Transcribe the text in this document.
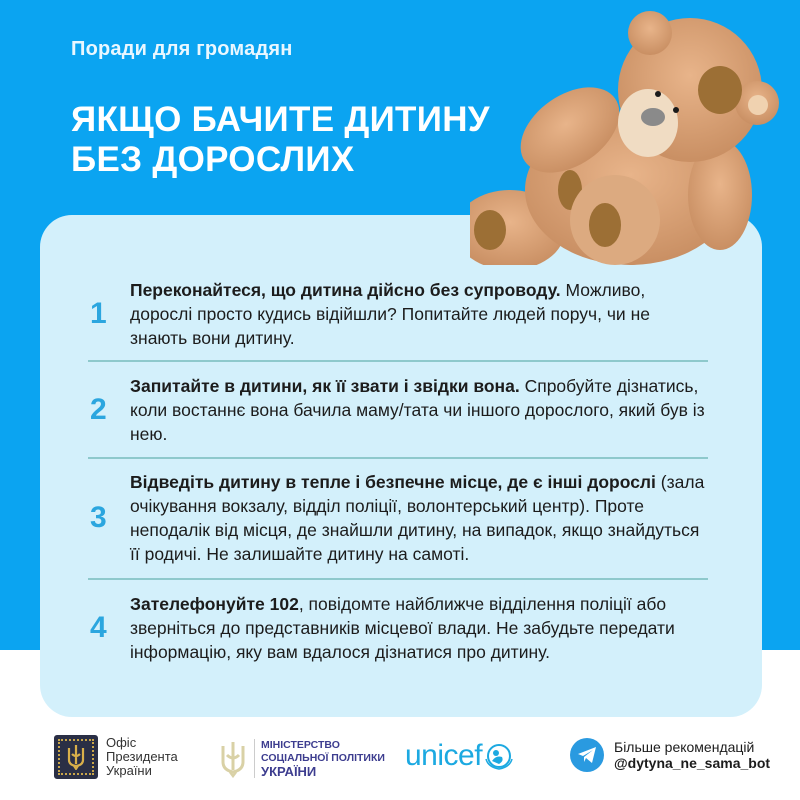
Поради для громадян
ЯКЩО БАЧИТЕ ДИТИНУ
БЕЗ ДОРОСЛИХ
1
Переконайтеся, що дитина дійсно без супроводу. Можливо, дорослі просто кудись відійшли? Попитайте людей поруч, чи не знають вони дитину.
2
Запитайте в дитини, як її звати і звідки вона. Спробуйте дізнатись, коли востаннє вона бачила маму/тата чи іншого дорослого, який був із нею.
3
Відведіть дитину в тепле і безпечне місце, де є інші дорослі (зала очікування вокзалу, відділ поліції, волонтерський центр). Проте неподалік від місця, де знайшли дитину, на випадок, якщо знайдуться її родичі. Не залишайте дитину на самоті.
4
Зателефонуйте 102, повідомте найближче відділення поліції або зверніться до представників місцевої влади. Не забудьте передати інформацію, яку вам вдалося дізнатися про дитину.
Офіс
Президента
України
МІНІСТЕРСТВО
СОЦІАЛЬНОЇ ПОЛІТИКИ
УКРАЇНИ	unicef	Більше рекомендацій
@dytyna_ne_sama_bot
